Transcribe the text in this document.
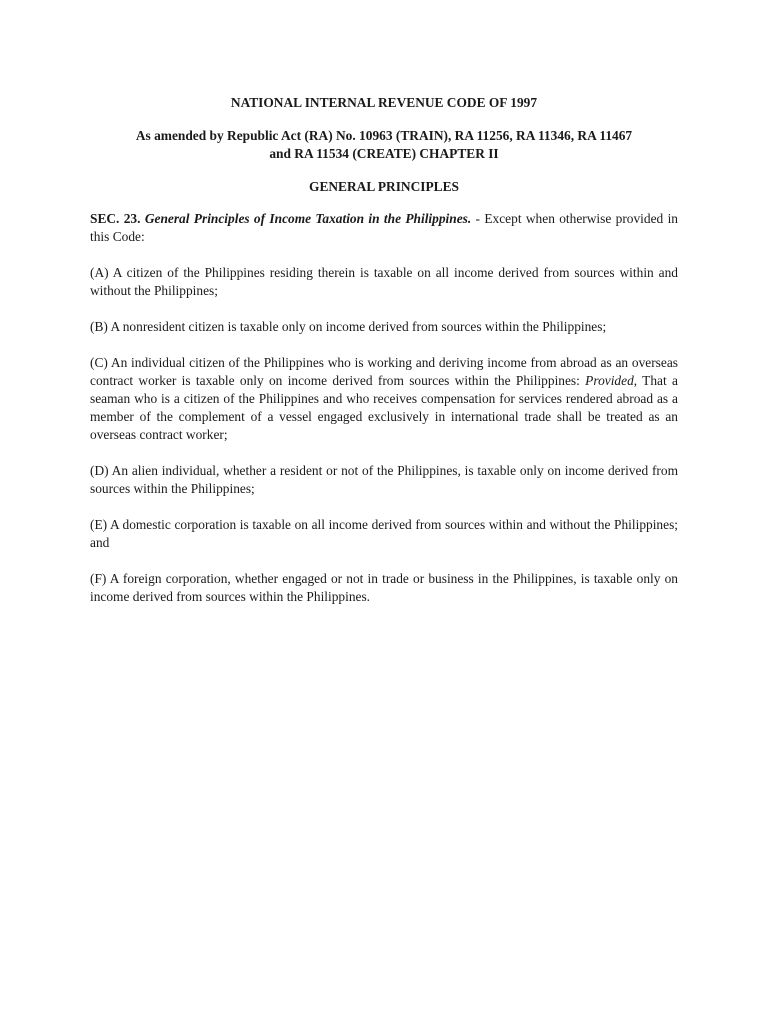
NATIONAL INTERNAL REVENUE CODE OF 1997

As amended by Republic Act (RA) No. 10963 (TRAIN), RA 11256, RA 11346, RA 11467
and RA 11534 (CREATE) CHAPTER II

GENERAL PRINCIPLES

SEC. 23. General Principles of Income Taxation in the Philippines. - Except when otherwise provided in this Code:

(A) A citizen of the Philippines residing therein is taxable on all income derived from sources within and without the Philippines;

(B) A nonresident citizen is taxable only on income derived from sources within the Philippines;

(C) An individual citizen of the Philippines who is working and deriving income from abroad as an overseas contract worker is taxable only on income derived from sources within the Philippines: Provided, That a seaman who is a citizen of the Philippines and who receives compensation for services rendered abroad as a member of the complement of a vessel engaged exclusively in international trade shall be treated as an overseas contract worker;

(D) An alien individual, whether a resident or not of the Philippines, is taxable only on income derived from sources within the Philippines;

(E) A domestic corporation is taxable on all income derived from sources within and without the Philippines; and

(F) A foreign corporation, whether engaged or not in trade or business in the Philippines, is taxable only on income derived from sources within the Philippines.
